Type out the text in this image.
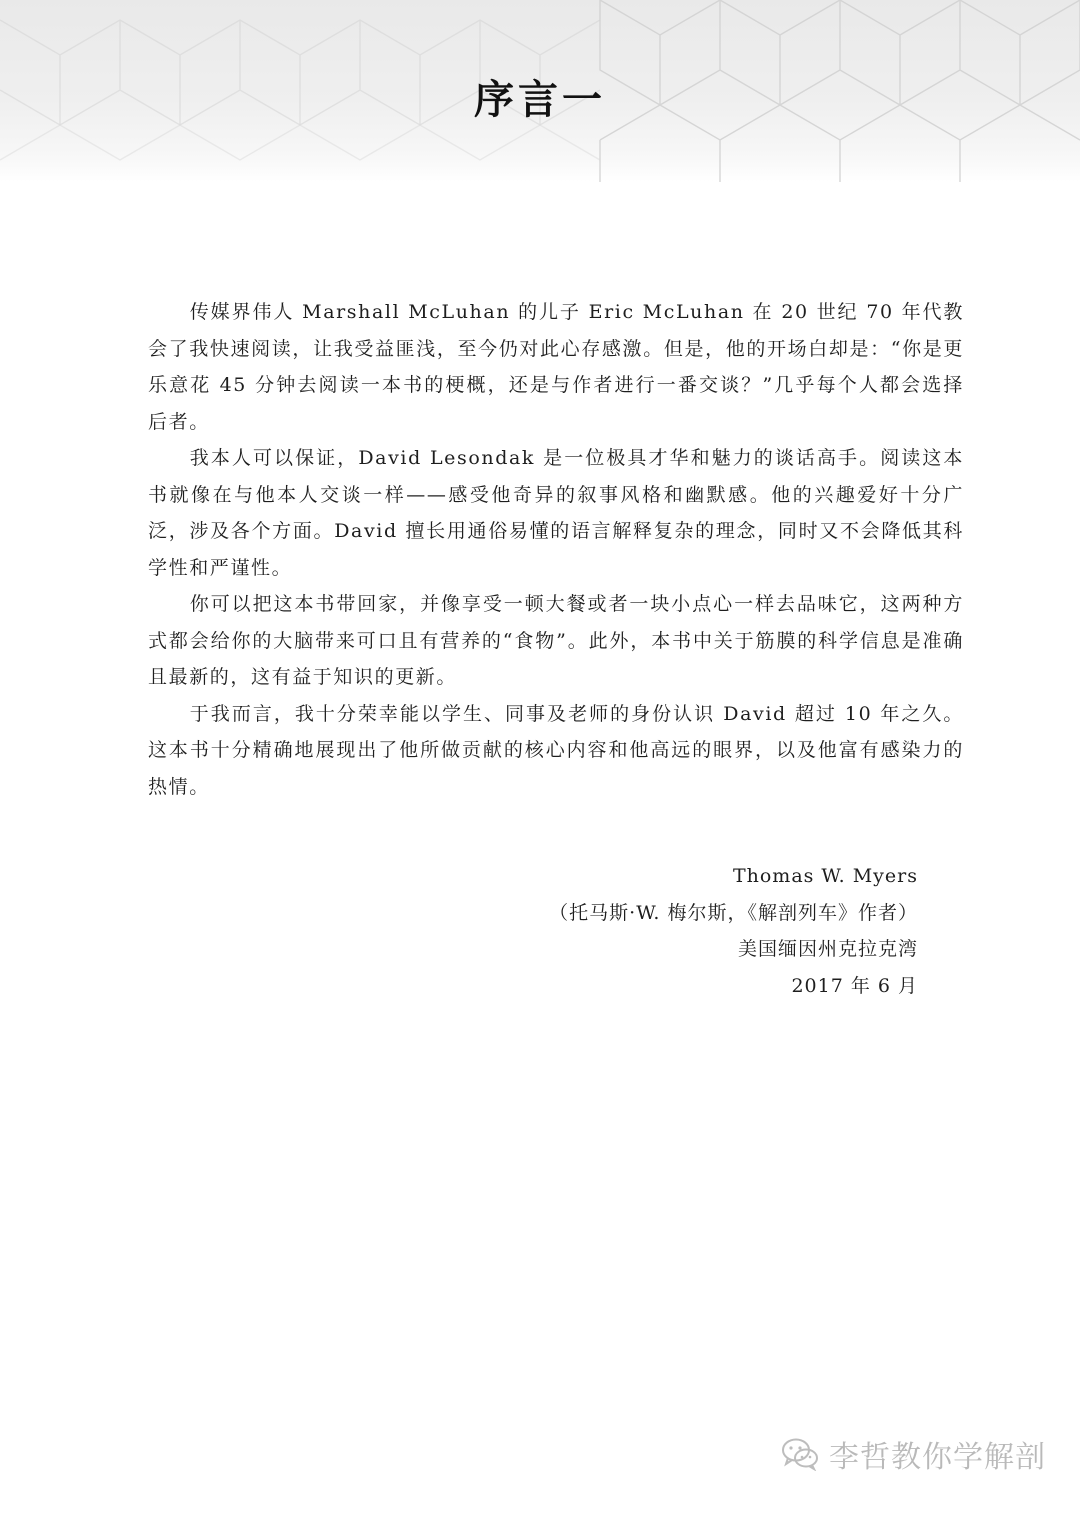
序言一

传媒界伟人 Marshall McLuhan 的儿子 Eric McLuhan 在 20 世纪 70 年代教会了我快速阅读，让我受益匪浅，至今仍对此心存感激。但是，他的开场白却是：“你是更乐意花 45 分钟去阅读一本书的梗概，还是与作者进行一番交谈？”几乎每个人都会选择后者。

我本人可以保证，David Lesondak 是一位极具才华和魅力的谈话高手。阅读这本书就像在与他本人交谈一样——感受他奇异的叙事风格和幽默感。他的兴趣爱好十分广泛，涉及各个方面。David 擅长用通俗易懂的语言解释复杂的理念，同时又不会降低其科学性和严谨性。

你可以把这本书带回家，并像享受一顿大餐或者一块小点心一样去品味它，这两种方式都会给你的大脑带来可口且有营养的“食物”。此外，本书中关于筋膜的科学信息是准确且最新的，这有益于知识的更新。

于我而言，我十分荣幸能以学生、同事及老师的身份认识 David 超过 10 年之久。这本书十分精确地展现出了他所做贡献的核心内容和他高远的眼界，以及他富有感染力的热情。

Thomas W. Myers
（托马斯·W. 梅尔斯，《解剖列车》作者）
美国缅因州克拉克湾
2017 年 6 月
李哲教你学解剖
